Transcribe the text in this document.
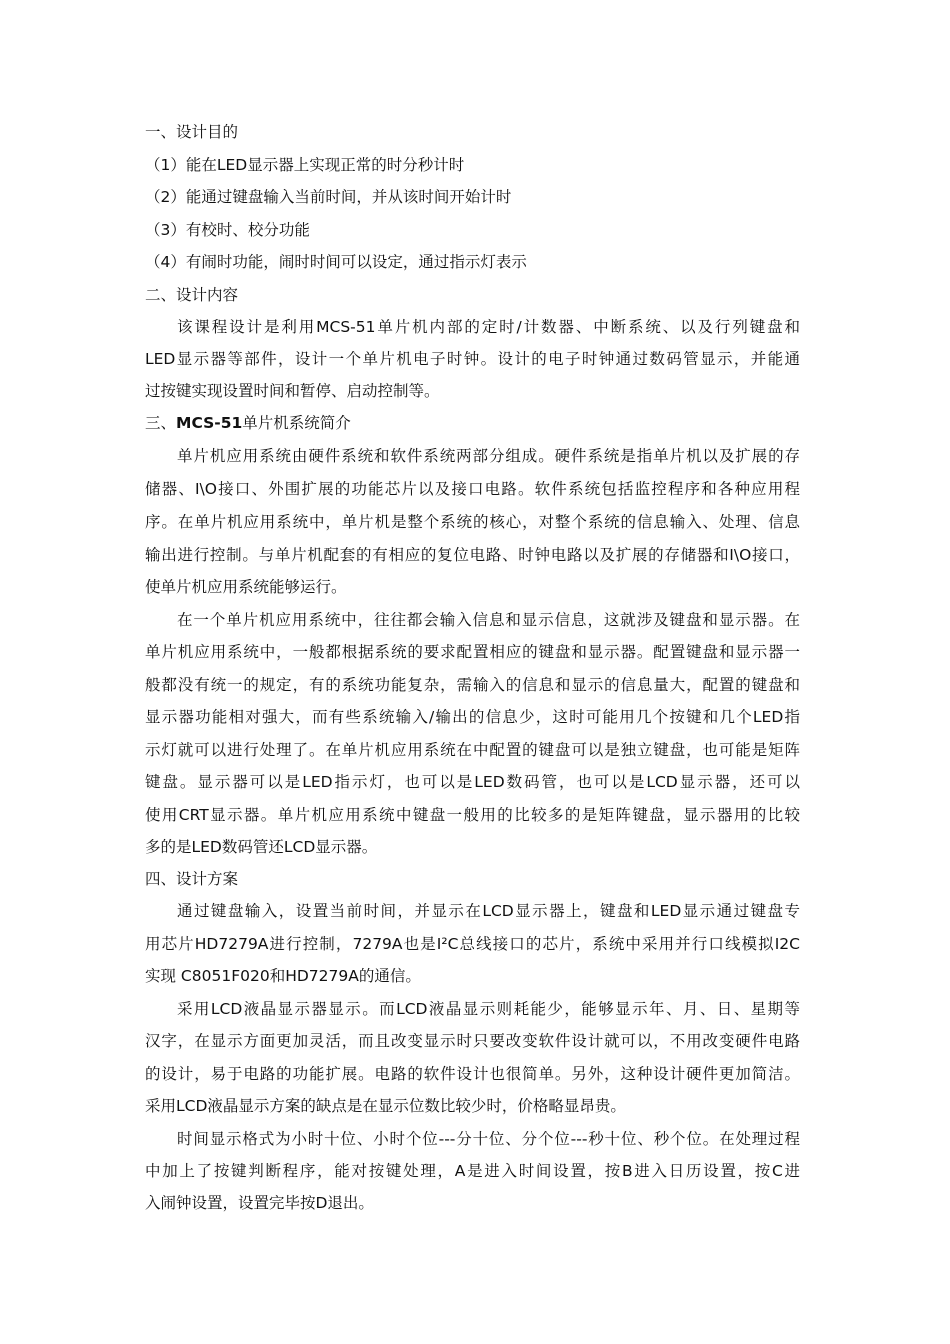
一、设计目的
（1）能在LED显示器上实现正常的时分秒计时
（2）能通过键盘输入当前时间，并从该时间开始计时
（3）有校时、校分功能
（4）有闹时功能，闹时时间可以设定，通过指示灯表示
二、设计内容
该课程设计是利用MCS-51单片机内部的定时/计数器、中断系统、以及行列键盘和
LED显示器等部件，设计一个单片机电子时钟。设计的电子时钟通过数码管显示，并能通
过按键实现设置时间和暂停、启动控制等。
三、MCS-51单片机系统简介
单片机应用系统由硬件系统和软件系统两部分组成。硬件系统是指单片机以及扩展的存
储器、I\O接口、外围扩展的功能芯片以及接口电路。软件系统包括监控程序和各种应用程
序。在单片机应用系统中，单片机是整个系统的核心，对整个系统的信息输入、处理、信息
输出进行控制。与单片机配套的有相应的复位电路、时钟电路以及扩展的存储器和I\O接口，
使单片机应用系统能够运行。
在一个单片机应用系统中，往往都会输入信息和显示信息，这就涉及键盘和显示器。在
单片机应用系统中，一般都根据系统的要求配置相应的键盘和显示器。配置键盘和显示器一
般都没有统一的规定，有的系统功能复杂，需输入的信息和显示的信息量大，配置的键盘和
显示器功能相对强大，而有些系统输入/输出的信息少，这时可能用几个按键和几个LED指
示灯就可以进行处理了。在单片机应用系统在中配置的键盘可以是独立键盘，也可能是矩阵
键盘。显示器可以是LED指示灯，也可以是LED数码管，也可以是LCD显示器，还可以
使用CRT显示器。单片机应用系统中键盘一般用的比较多的是矩阵键盘，显示器用的比较
多的是LED数码管还LCD显示器。
四、设计方案
通过键盘输入，设置当前时间，并显示在LCD显示器上，键盘和LED显示通过键盘专
用芯片HD7279A进行控制，7279A也是I²C总线接口的芯片，系统中采用并行口线模拟I2C
实现 C8051F020和HD7279A的通信。
采用LCD液晶显示器显示。而LCD液晶显示则耗能少，能够显示年、月、日、星期等
汉字，在显示方面更加灵活，而且改变显示时只要改变软件设计就可以，不用改变硬件电路
的设计，易于电路的功能扩展。电路的软件设计也很简单。另外，这种设计硬件更加简洁。
采用LCD液晶显示方案的缺点是在显示位数比较少时，价格略显昂贵。
时间显示格式为小时十位、小时个位---分十位、分个位---秒十位、秒个位。在处理过程
中加上了按键判断程序，能对按键处理，A是进入时间设置，按B进入日历设置，按C进
入闹钟设置，设置完毕按D退出。
